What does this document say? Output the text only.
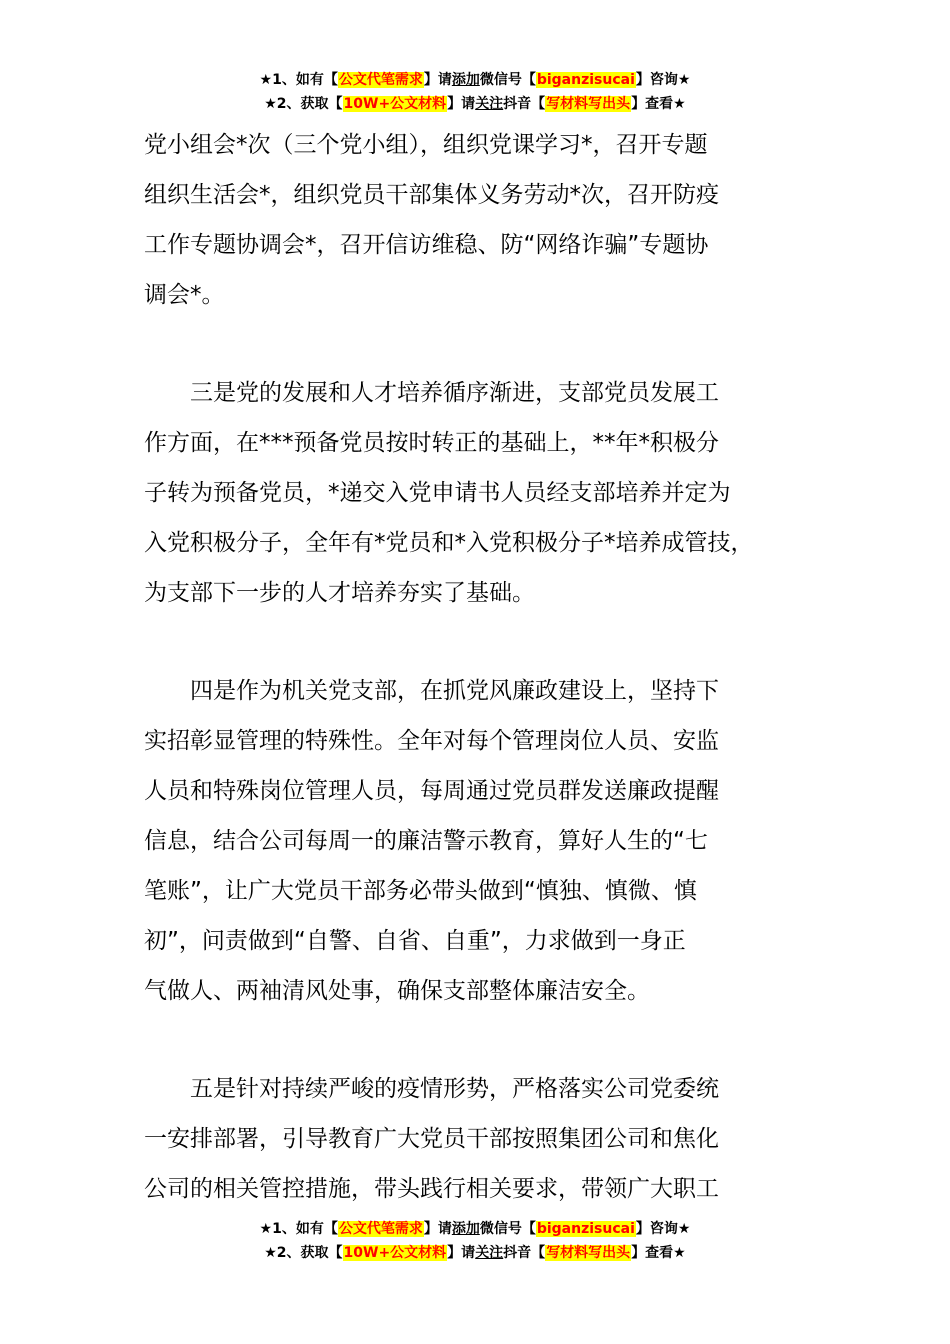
★1、如有【公文代笔需求】请添加微信号【biganzisucai】咨询★
★2、获取【10W+公文材料】请关注抖音【写材料写出头】查看★
党小组会*次（三个党小组），组织党课学习*，召开专题
组织生活会*，组织党员干部集体义务劳动*次，召开防疫
工作专题协调会*，召开信访维稳、防“网络诈骗”专题协
调会*。
三是党的发展和人才培养循序渐进，支部党员发展工
作方面，在***预备党员按时转正的基础上，**年*积极分
子转为预备党员，*递交入党申请书人员经支部培养并定为
入党积极分子，全年有*党员和*入党积极分子*培养成管技，
为支部下一步的人才培养夯实了基础。
四是作为机关党支部，在抓党风廉政建设上，坚持下
实招彰显管理的特殊性。全年对每个管理岗位人员、安监
人员和特殊岗位管理人员，每周通过党员群发送廉政提醒
信息，结合公司每周一的廉洁警示教育，算好人生的“七
笔账”，让广大党员干部务必带头做到“慎独、慎微、慎
初”，问责做到“自警、自省、自重”，力求做到一身正
气做人、两袖清风处事，确保支部整体廉洁安全。
五是针对持续严峻的疫情形势，严格落实公司党委统
一安排部署，引导教育广大党员干部按照集团公司和焦化
公司的相关管控措施，带头践行相关要求，带领广大职工
★1、如有【公文代笔需求】请添加微信号【biganzisucai】咨询★
★2、获取【10W+公文材料】请关注抖音【写材料写出头】查看★
